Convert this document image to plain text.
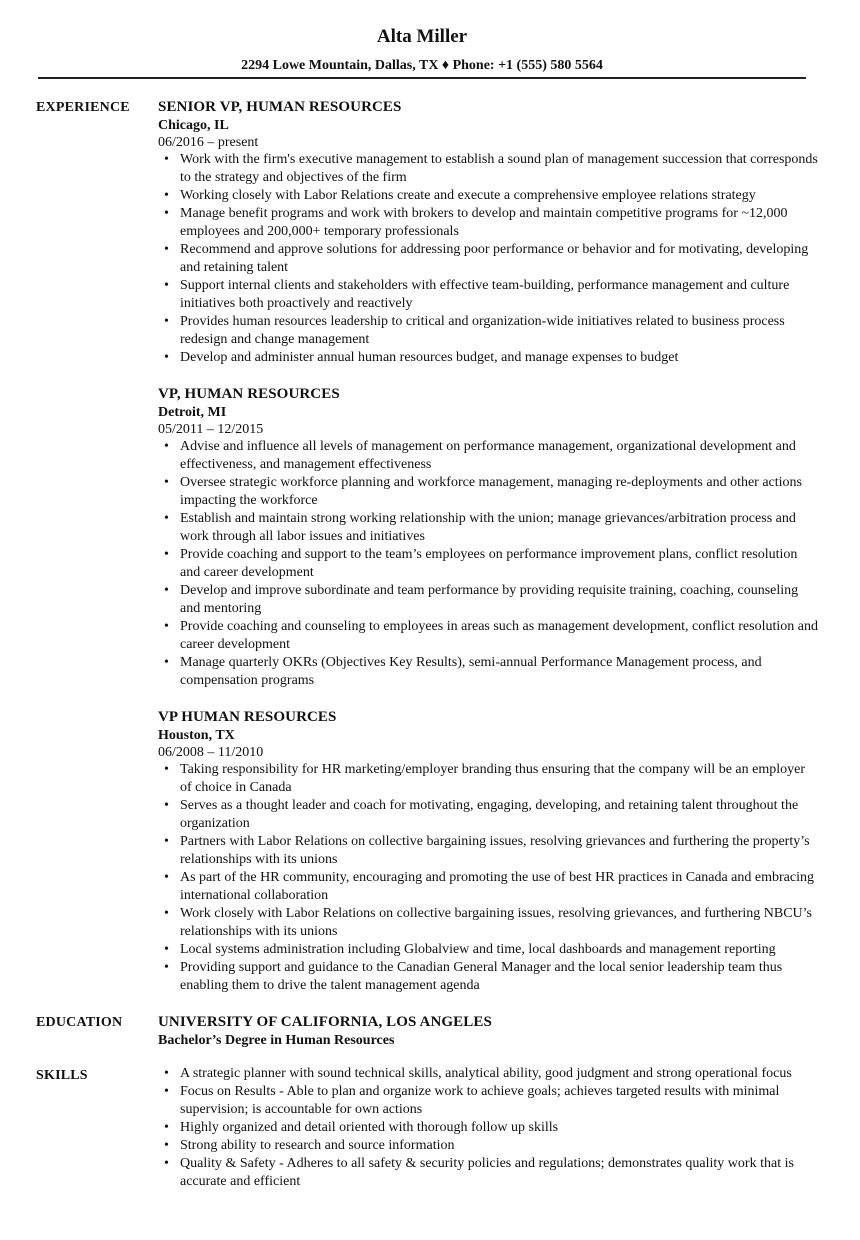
Alta Miller
2294 Lowe Mountain, Dallas, TX ♦ Phone: +1 (555) 580 5564
EXPERIENCE SENIOR VP, HUMAN RESOURCES
Chicago, IL
06/2016 – present
• Work with the firm's executive management to establish a sound plan of management succession that corresponds to the strategy and objectives of the firm
• Working closely with Labor Relations create and execute a comprehensive employee relations strategy
• Manage benefit programs and work with brokers to develop and maintain competitive programs for ~12,000 employees and 200,000+ temporary professionals
• Recommend and approve solutions for addressing poor performance or behavior and for motivating, developing and retaining talent
• Support internal clients and stakeholders with effective team-building, performance management and culture initiatives both proactively and reactively
• Provides human resources leadership to critical and organization-wide initiatives related to business process redesign and change management
• Develop and administer annual human resources budget, and manage expenses to budget
VP, HUMAN RESOURCES
Detroit, MI
05/2011 – 12/2015
• Advise and influence all levels of management on performance management, organizational development and effectiveness, and management effectiveness
• Oversee strategic workforce planning and workforce management, managing re-deployments and other actions impacting the workforce
• Establish and maintain strong working relationship with the union; manage grievances/arbitration process and work through all labor issues and initiatives
• Provide coaching and support to the team’s employees on performance improvement plans, conflict resolution and career development
• Develop and improve subordinate and team performance by providing requisite training, coaching, counseling and mentoring
• Provide coaching and counseling to employees in areas such as management development, conflict resolution and career development
• Manage quarterly OKRs (Objectives Key Results), semi-annual Performance Management process, and compensation programs
VP HUMAN RESOURCES
Houston, TX
06/2008 – 11/2010
• Taking responsibility for HR marketing/employer branding thus ensuring that the company will be an employer of choice in Canada
• Serves as a thought leader and coach for motivating, engaging, developing, and retaining talent throughout the organization
• Partners with Labor Relations on collective bargaining issues, resolving grievances and furthering the property’s relationships with its unions
• As part of the HR community, encouraging and promoting the use of best HR practices in Canada and embracing international collaboration
• Work closely with Labor Relations on collective bargaining issues, resolving grievances, and furthering NBCU’s relationships with its unions
• Local systems administration including Globalview and time, local dashboards and management reporting
• Providing support and guidance to the Canadian General Manager and the local senior leadership team thus enabling them to drive the talent management agenda
EDUCATION UNIVERSITY OF CALIFORNIA, LOS ANGELES
Bachelor’s Degree in Human Resources
SKILLS
•	A strategic planner with sound technical skills, analytical ability, good judgment and strong operational focus
• Focus on Results - Able to plan and organize work to achieve goals; achieves targeted results with minimal supervision; is accountable for own actions
• Highly organized and detail oriented with thorough follow up skills
• Strong ability to research and source information
• Quality & Safety - Adheres to all safety & security policies and regulations; demonstrates quality work that is accurate and efficient
